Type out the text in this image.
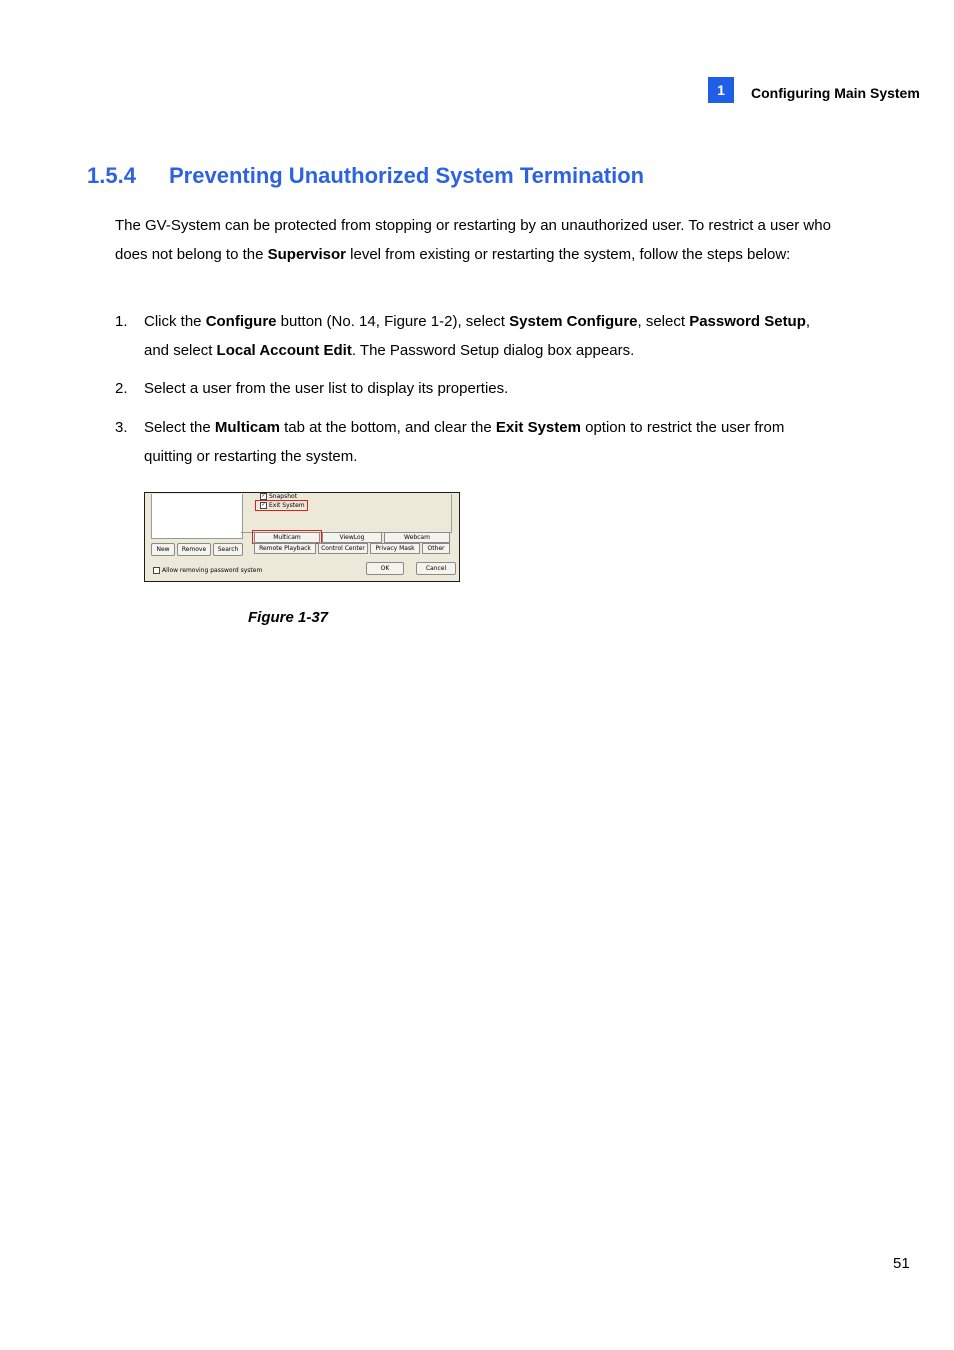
1	Configuring Main System
1.5.4 Preventing Unauthorized System Termination
The GV-System can be protected from stopping or restarting by an unauthorized user. To restrict a user who does not belong to the Supervisor level from existing or restarting the system, follow the steps below:
1. Click the Configure button (No. 14, Figure 1-2), select System Configure, select Password Setup, and select Local Account Edit. The Password Setup dialog box appears.
2. Select a user from the user list to display its properties.
3. Select the Multicam tab at the bottom, and clear the Exit System option to restrict the user from quitting or restarting the system.
✓ Snapshot
✓ Exit System
New	Remove	Search
Multicam	ViewLog	Webcam
Remote Playback	Control Center	Privacy Mask	Other
Allow removing password system	OK	Cancel
Figure 1-37
51
